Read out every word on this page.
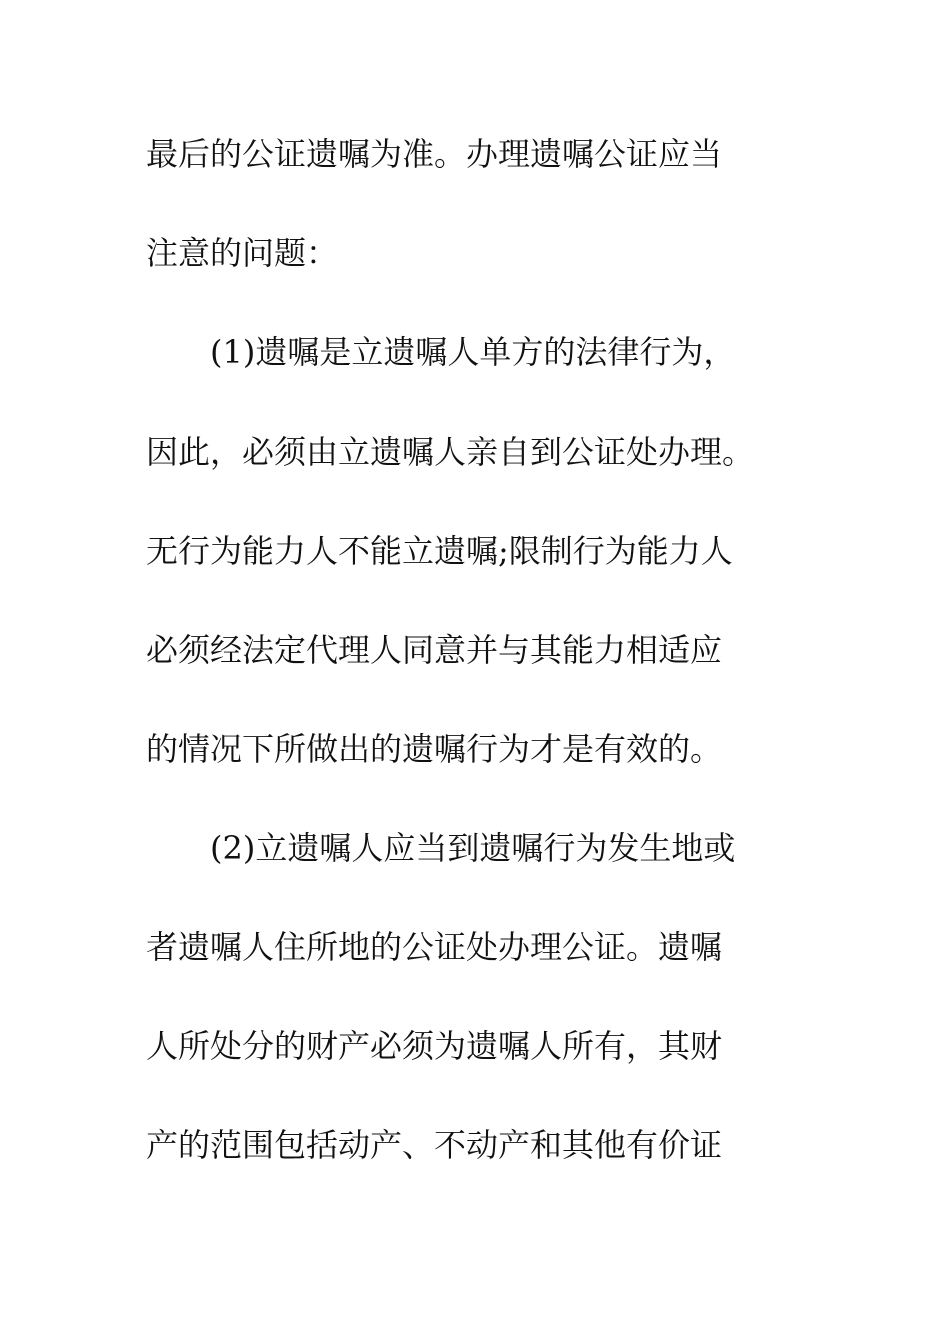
最后的公证遗嘱为准。办理遗嘱公证应当
注意的问题：
　　(1)遗嘱是立遗嘱人单方的法律行为，
因此，必须由立遗嘱人亲自到公证处办理。
无行为能力人不能立遗嘱;限制行为能力人
必须经法定代理人同意并与其能力相适应
的情况下所做出的遗嘱行为才是有效的。
　　(2)立遗嘱人应当到遗嘱行为发生地或
者遗嘱人住所地的公证处办理公证。遗嘱
人所处分的财产必须为遗嘱人所有，其财
产的范围包括动产、不动产和其他有价证
